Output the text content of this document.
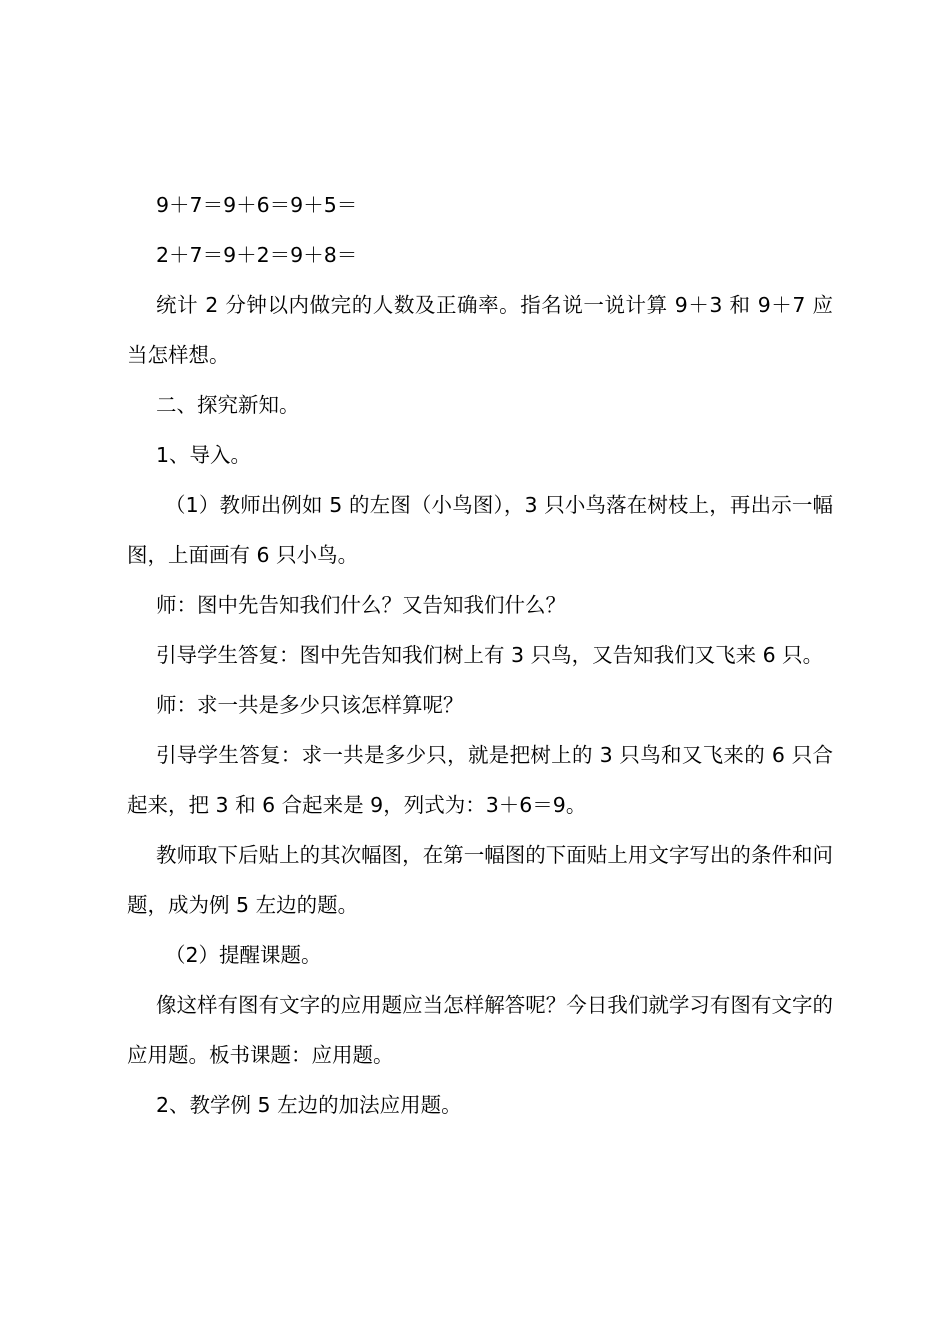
9＋7＝9＋6＝9＋5＝

2＋7＝9＋2＝9＋8＝

统计 2 分钟以内做完的人数及正确率。指名说一说计算 9＋3 和 9＋7 应当怎样想。

二、探究新知。

1、导入。

（1）教师出例如 5 的左图（小鸟图），3 只小鸟落在树枝上，再出示一幅图，上面画有 6 只小鸟。

师：图中先告知我们什么？又告知我们什么？

引导学生答复：图中先告知我们树上有 3 只鸟，又告知我们又飞来 6 只。

师：求一共是多少只该怎样算呢？

引导学生答复：求一共是多少只，就是把树上的 3 只鸟和又飞来的 6 只合起来，把 3 和 6 合起来是 9，列式为：3＋6＝9。

教师取下后贴上的其次幅图，在第一幅图的下面贴上用文字写出的条件和问题，成为例 5 左边的题。

（2）提醒课题。

像这样有图有文字的应用题应当怎样解答呢？今日我们就学习有图有文字的应用题。板书课题：应用题。

2、教学例 5 左边的加法应用题。
